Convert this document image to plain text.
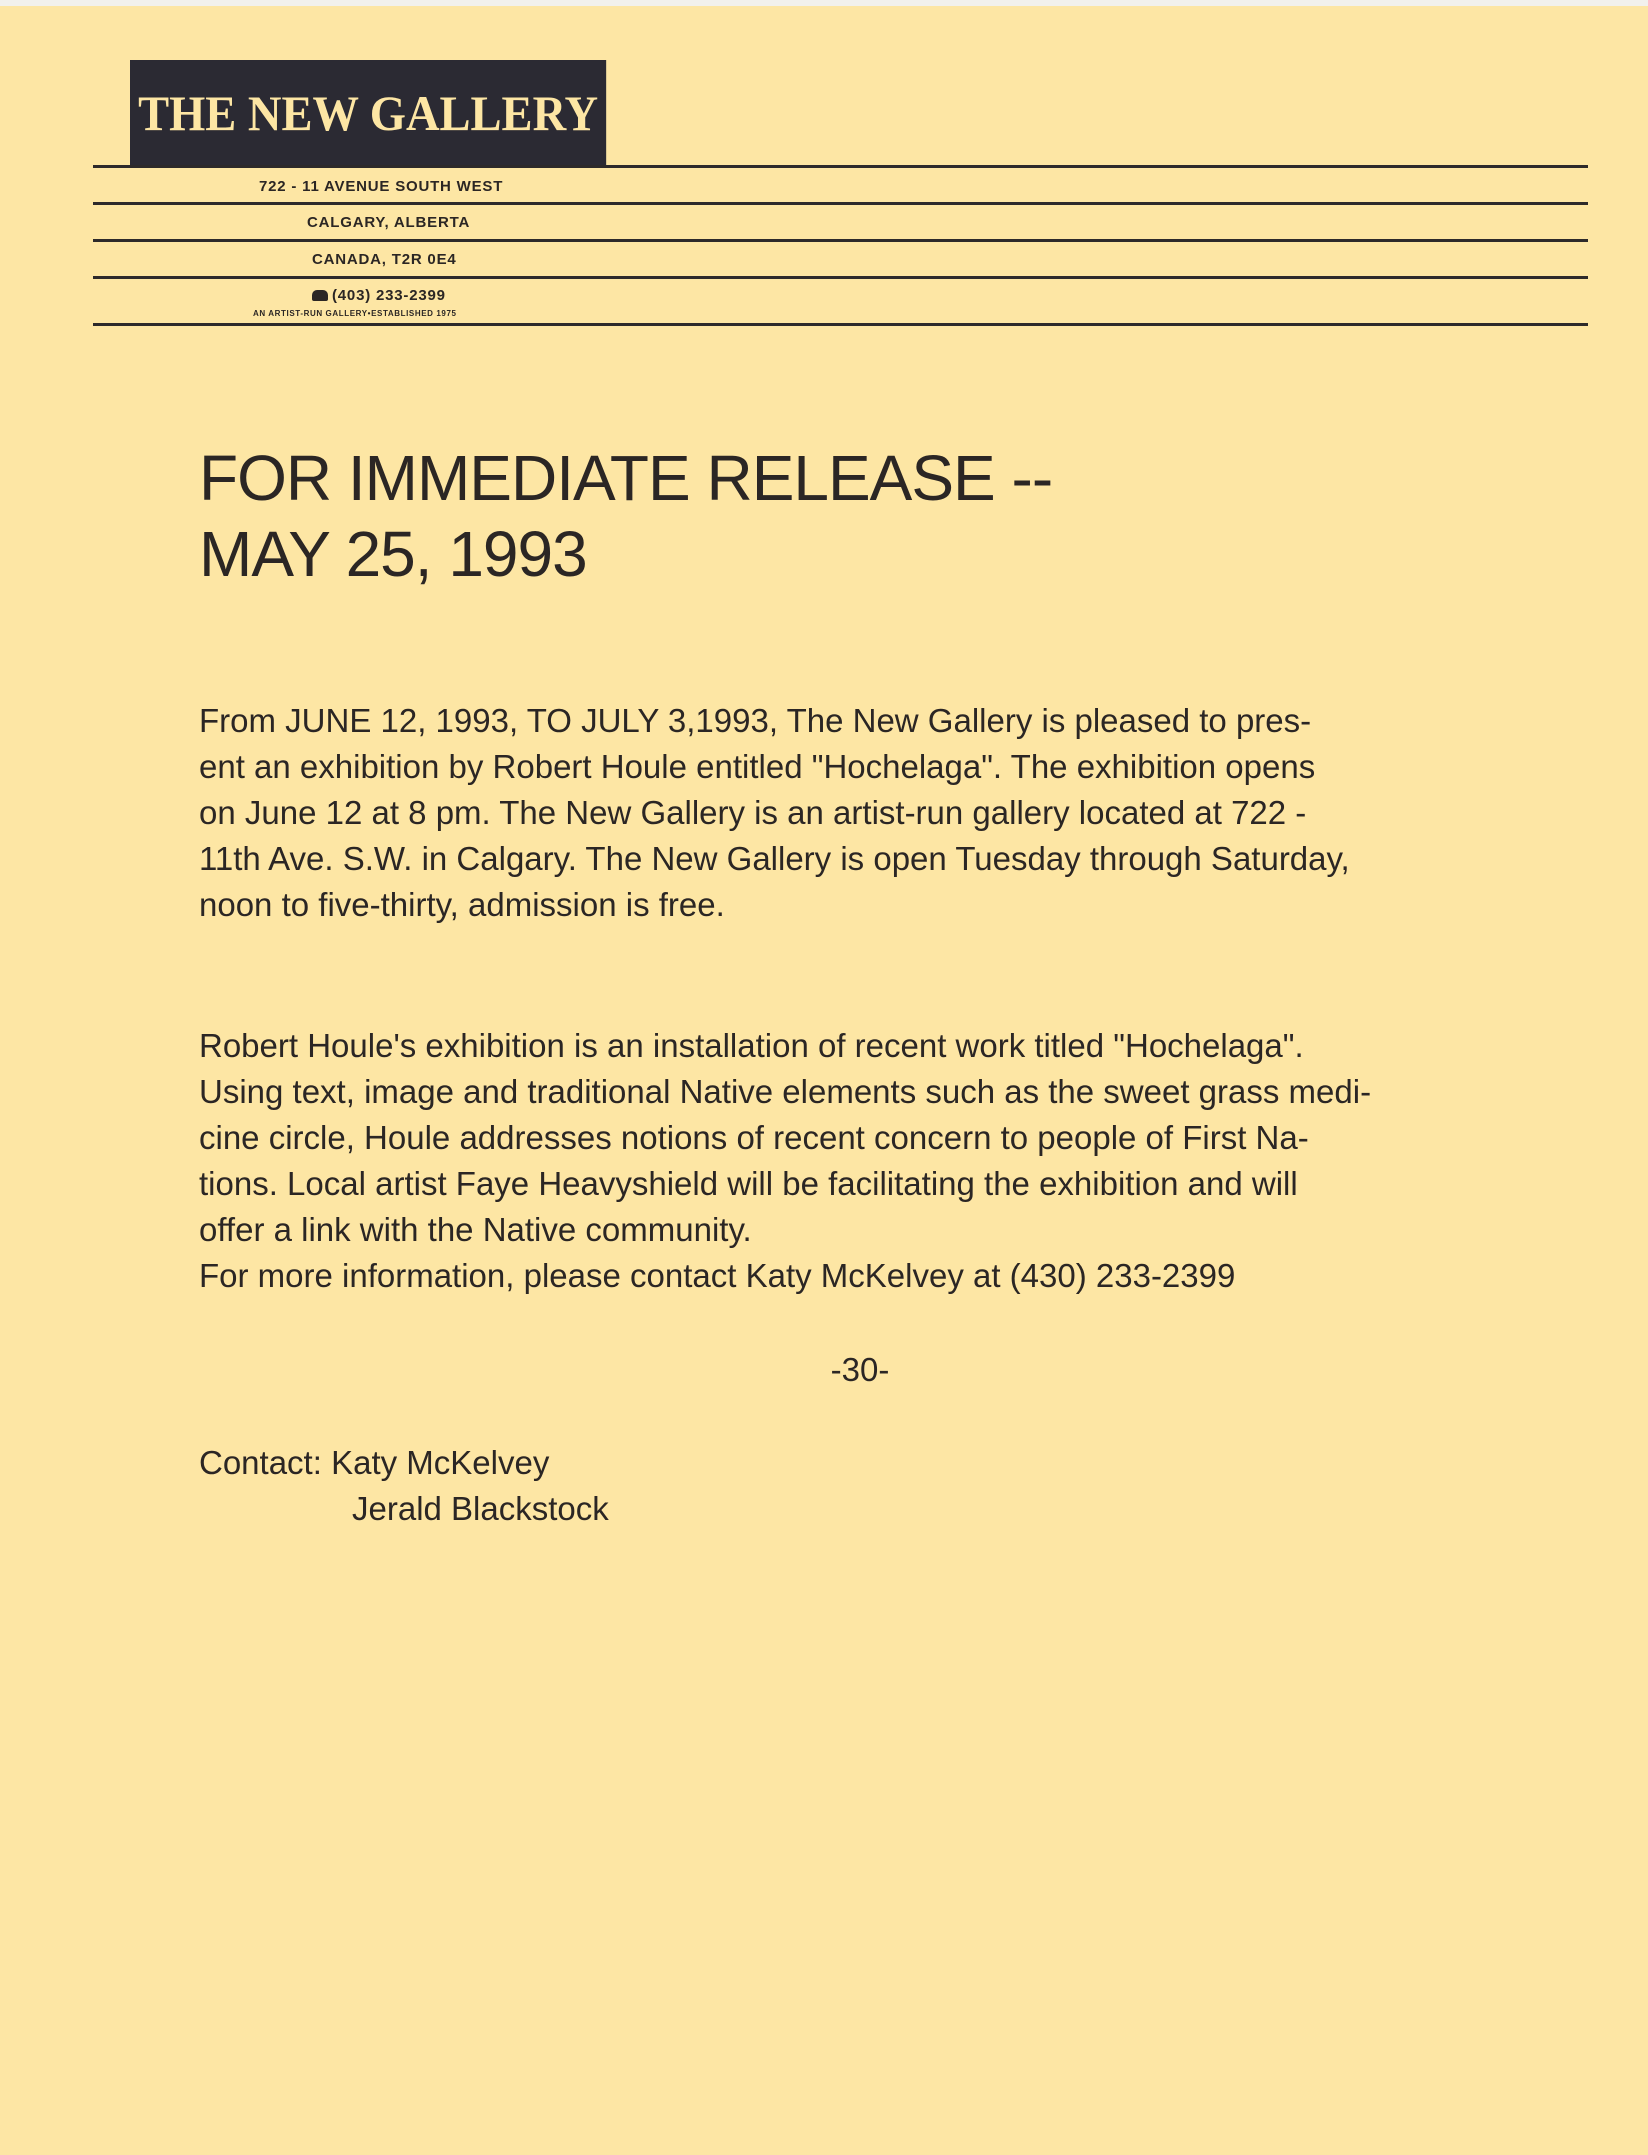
THE NEW GALLERY
722 - 11 AVENUE SOUTH WEST
CALGARY, ALBERTA
CANADA, T2R 0E4
(403) 233-2399
AN ARTIST-RUN GALLERY•ESTABLISHED 1975
FOR IMMEDIATE RELEASE --
MAY 25, 1993
From JUNE 12, 1993, TO JULY 3,1993, The New Gallery is pleased to pres-
ent an exhibition by Robert Houle entitled "Hochelaga". The exhibition opens
on June 12 at 8 pm. The New Gallery is an artist-run gallery located at 722 -
11th Ave. S.W. in Calgary. The New Gallery is open Tuesday through Saturday,
noon to five-thirty, admission is free.
Robert Houle's exhibition is an installation of recent work titled "Hochelaga".
Using text, image and traditional Native elements such as the sweet grass medi-
cine circle, Houle addresses notions of recent concern to people of First Na-
tions. Local artist Faye Heavyshield will be facilitating the exhibition and will
offer a link with the Native community.
For more information, please contact Katy McKelvey at (430) 233-2399
-30-
Contact: Katy McKelvey
Jerald Blackstock
